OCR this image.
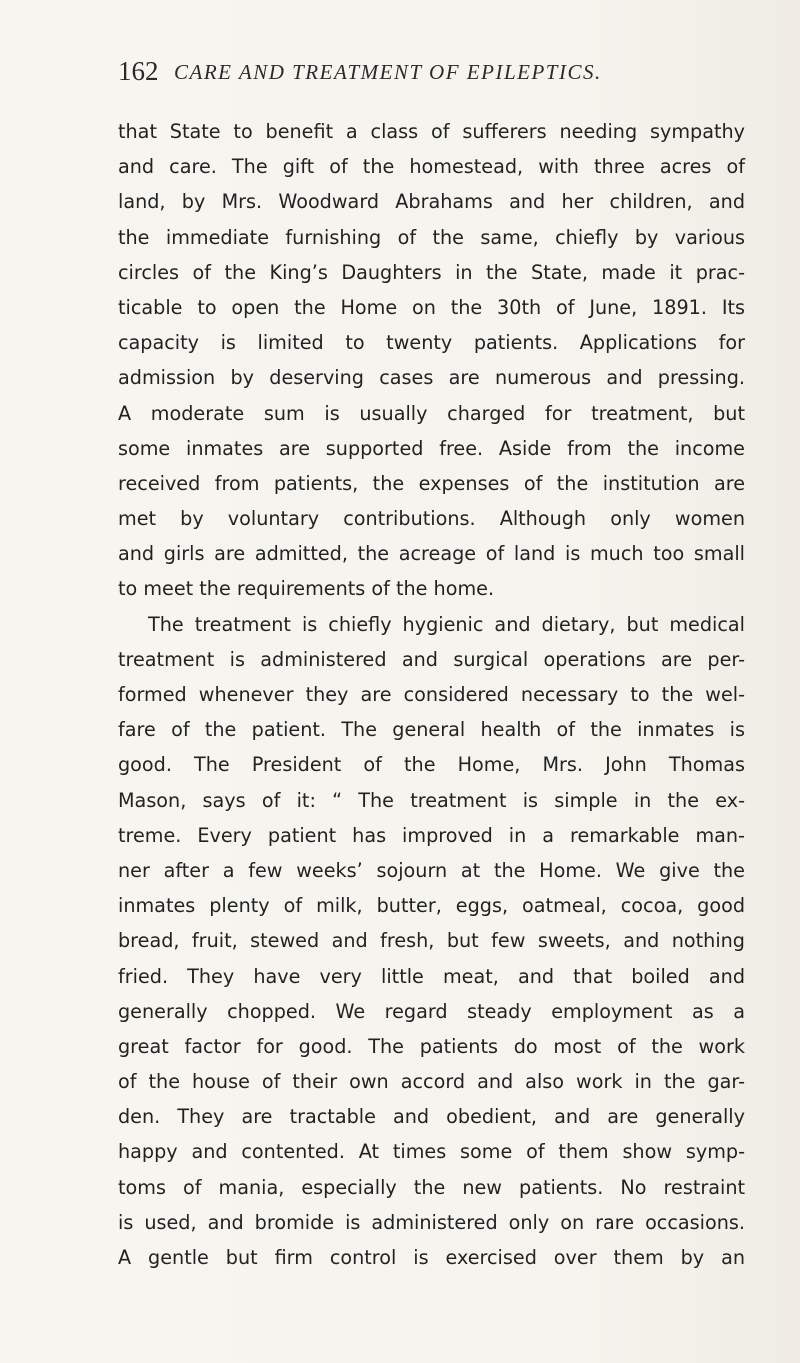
162 CARE AND TREATMENT OF EPILEPTICS.
that State to benefit a class of sufferers needing sympathy
and care. The gift of the homestead, with three acres of
land, by Mrs. Woodward Abrahams and her children, and
the immediate furnishing of the same, chiefly by various
circles of the King’s Daughters in the State, made it prac-
ticable to open the Home on the 30th of June, 1891. Its
capacity is limited to twenty patients. Applications for
admission by deserving cases are numerous and pressing.
A moderate sum is usually charged for treatment, but
some inmates are supported free. Aside from the income
received from patients, the expenses of the institution are
met by voluntary contributions. Although only women
and girls are admitted, the acreage of land is much too small
to meet the requirements of the home.
The treatment is chiefly hygienic and dietary, but medical
treatment is administered and surgical operations are per-
formed whenever they are considered necessary to the wel-
fare of the patient. The general health of the inmates is
good. The President of the Home, Mrs. John Thomas
Mason, says of it: “ The treatment is simple in the ex-
treme. Every patient has improved in a remarkable man-
ner after a few weeks’ sojourn at the Home. We give the
inmates plenty of milk, butter, eggs, oatmeal, cocoa, good
bread, fruit, stewed and fresh, but few sweets, and nothing
fried. They have very little meat, and that boiled and
generally chopped. We regard steady employment as a
great factor for good. The patients do most of the work
of the house of their own accord and also work in the gar-
den. They are tractable and obedient, and are generally
happy and contented. At times some of them show symp-
toms of mania, especially the new patients. No restraint
is used, and bromide is administered only on rare occasions.
A gentle but firm control is exercised over them by an
